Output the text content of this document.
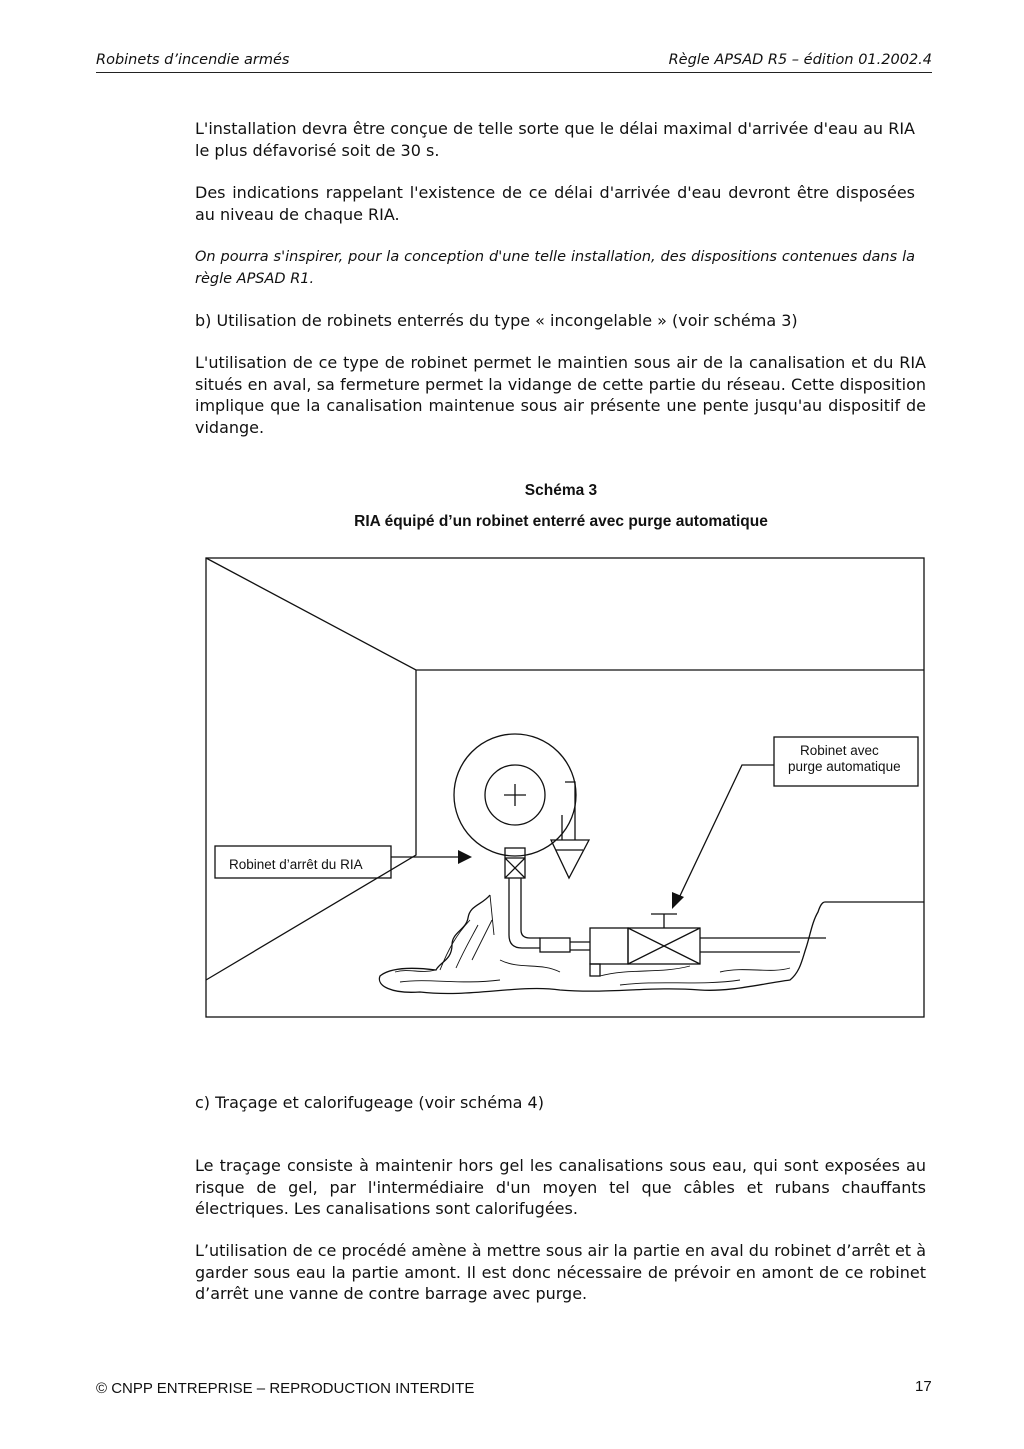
Robinets d’incendie armés	Règle APSAD R5 – édition 01.2002.4

L'installation devra être conçue de telle sorte que le délai maximal d'arrivée d'eau au RIA le plus défavorisé soit de 30 s.

Des indications rappelant l'existence de ce délai d'arrivée d'eau devront être disposées au niveau de chaque RIA.

On pourra s'inspirer, pour la conception d'une telle installation, des dispositions contenues dans la règle APSAD R1.

b) Utilisation de robinets enterrés du type « incongelable » (voir schéma 3)

L'utilisation de ce type de robinet permet le maintien sous air de la canalisation et du RIA situés en aval, sa fermeture permet la vidange de cette partie du réseau. Cette disposition implique que la canalisation maintenue sous air présente une pente jusqu'au dispositif de vidange.

Schéma 3
RIA équipé d’un robinet enterré avec purge automatique
Robinet d’arrêt du RIA
Robinet avec
purge automatique

c) Traçage et calorifugeage (voir schéma 4)

Le traçage consiste à maintenir hors gel les canalisations sous eau, qui sont exposées au risque de gel, par l'intermédiaire d'un moyen tel que câbles et rubans chauffants électriques. Les canalisations sont calorifugées.

L’utilisation de ce procédé amène à mettre sous air la partie en aval du robinet d’arrêt et à garder sous eau la partie amont. Il est donc nécessaire de prévoir en amont de ce robinet d’arrêt une vanne de contre barrage avec purge.

© CNPP ENTREPRISE – REPRODUCTION INTERDITE	17
